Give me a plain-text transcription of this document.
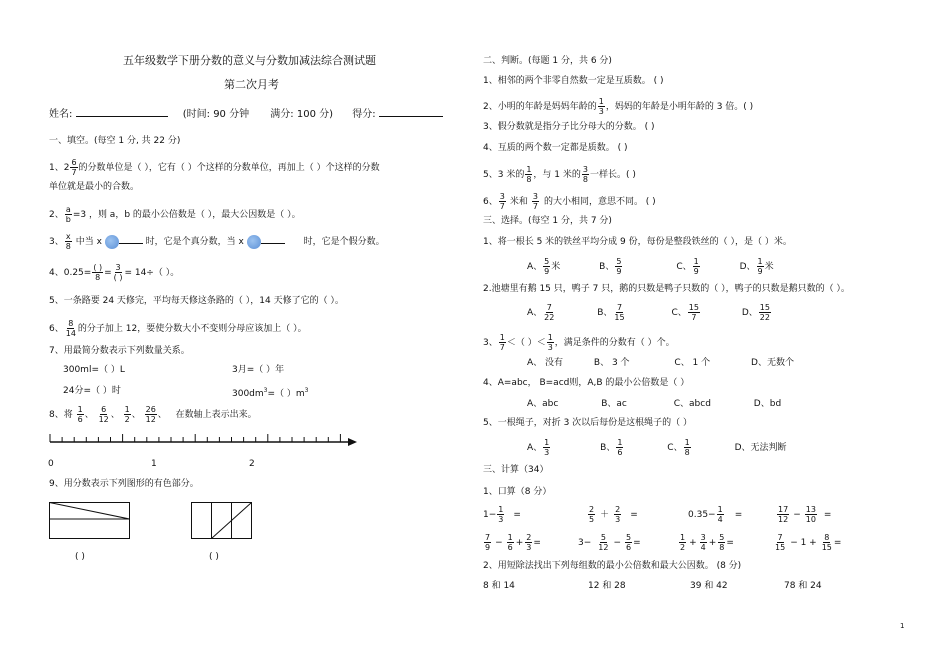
五年级数学下册分数的意义与分数加减法综合测试题
第二次月考
姓名:	(时间: 90 分钟 满分: 100 分) 得分:
一、填空。(每空 1 分, 共 22 分)
1、$2 \frac{6}{7}$ 的分数单位是（ ），它有（ ）个这样的分数单位，再加上（ ）个这样的分数
单位就是最小的合数。
2、 $\frac{a}{b} =3$ ，则 a，b 的最小公倍数是（ ），最大公因数是（ ）。
3、 $\frac{x}{8}$ 中当 x	时，它是个真分数，当 x	时，它是个假分数。
4、$0.25= \frac{( )}{8} = \frac{3}{( )} = 14\div$（ ）。
5、一条路要 24 天修完，平均每天修这条路的（ ），14 天修了它的（ ）。
6、 $\frac{8}{14}$ 的分子加上 12，要使分数大小不变则分母应该加上（ ）。
7、用最简分数表示下列数量关系。
300ml=（ ）L	3月=（ ）年
24分=（ ）时	$300dm^3=$（ ）$m^3$
8、将 $\frac{1}{6}$ 、 $\frac{6}{12}$ 、 $\frac{1}{2}$ 、 $\frac{26}{12}$ 、 在数轴上表示出来。
0	1	2
9、用分数表示下列图形的有色部分。
( )	( )
二、判断。(每题 1 分，共 6 分)
1、相邻的两个非零自然数一定是互质数。 ( )
2、小明的年龄是妈妈年龄的 $\frac{1}{3}$ ，妈妈的年龄是小明年龄的 3 倍。( )
3、假分数就是指分子比分母大的分数。 ( )
4、互质的两个数一定都是质数。 ( )
5、3 米的 $\frac{1}{8}$ ，与 1 米的 $\frac{3}{8}$ 一样长。( )
6、 $\frac{3}{7}$ 米和 $\frac{3}{7}$ 的大小相同，意思不同。 ( )
三、选择。(每空 1 分，共 7 分)
1、将一根长 5 米的铁丝平均分成 9 份，每份是整段铁丝的（ ），是（ ）米。
A、 $\frac{5}{9}$ 米	B、 $\frac{5}{9}$	C、 $\frac{1}{9}$	D、 $\frac{1}{9}$ 米
2.池塘里有鹅 15 只，鸭子 7 只，鹅的只数是鸭子只数的（ ），鸭子的只数是鹅只数的（ ）。
A、 $\frac{7}{22}$	B、 $\frac{7}{15}$	C、 $\frac{15}{7}$	D、 $\frac{15}{22}$
3、 $\frac{1}{7}$ ＜（ ）＜ $\frac{1}{3}$ ，满足条件的分数有（ ）个。
A、 没有	B、 3 个	C、 1 个	D、无数个
4、A=abc， B=acd则，A,B 的最小公倍数是（ ）
A、abc	B、ac	C、abcd	D、bd
5、一根绳子，对折 3 次以后每份是这根绳子的（ ）
A、 $\frac{1}{3}$	B、 $\frac{1}{6}$	C、 $\frac{1}{8}$	D、无法判断
三、计算（34）
1、口算（8 分）
$1- \frac{1}{3}$ =	$\frac{2}{5} + \frac{2}{3}$ =	$0.35- \frac{1}{4}$ =	$\frac{17}{12} - \frac{13}{10}$ =
$\frac{7}{9} - \frac{1}{6} + \frac{2}{3}$ =	$3- \frac{5}{12} - \frac{5}{6}$ =	$\frac{1}{2} + \frac{3}{4} + \frac{5}{8}$ =	$\frac{7}{15} - 1 + \frac{8}{15}$ =
2、用短除法找出下列每组数的最小公倍数和最大公因数。 (8 分)
8 和 14	12 和 28	39 和 42	78 和 24
1
